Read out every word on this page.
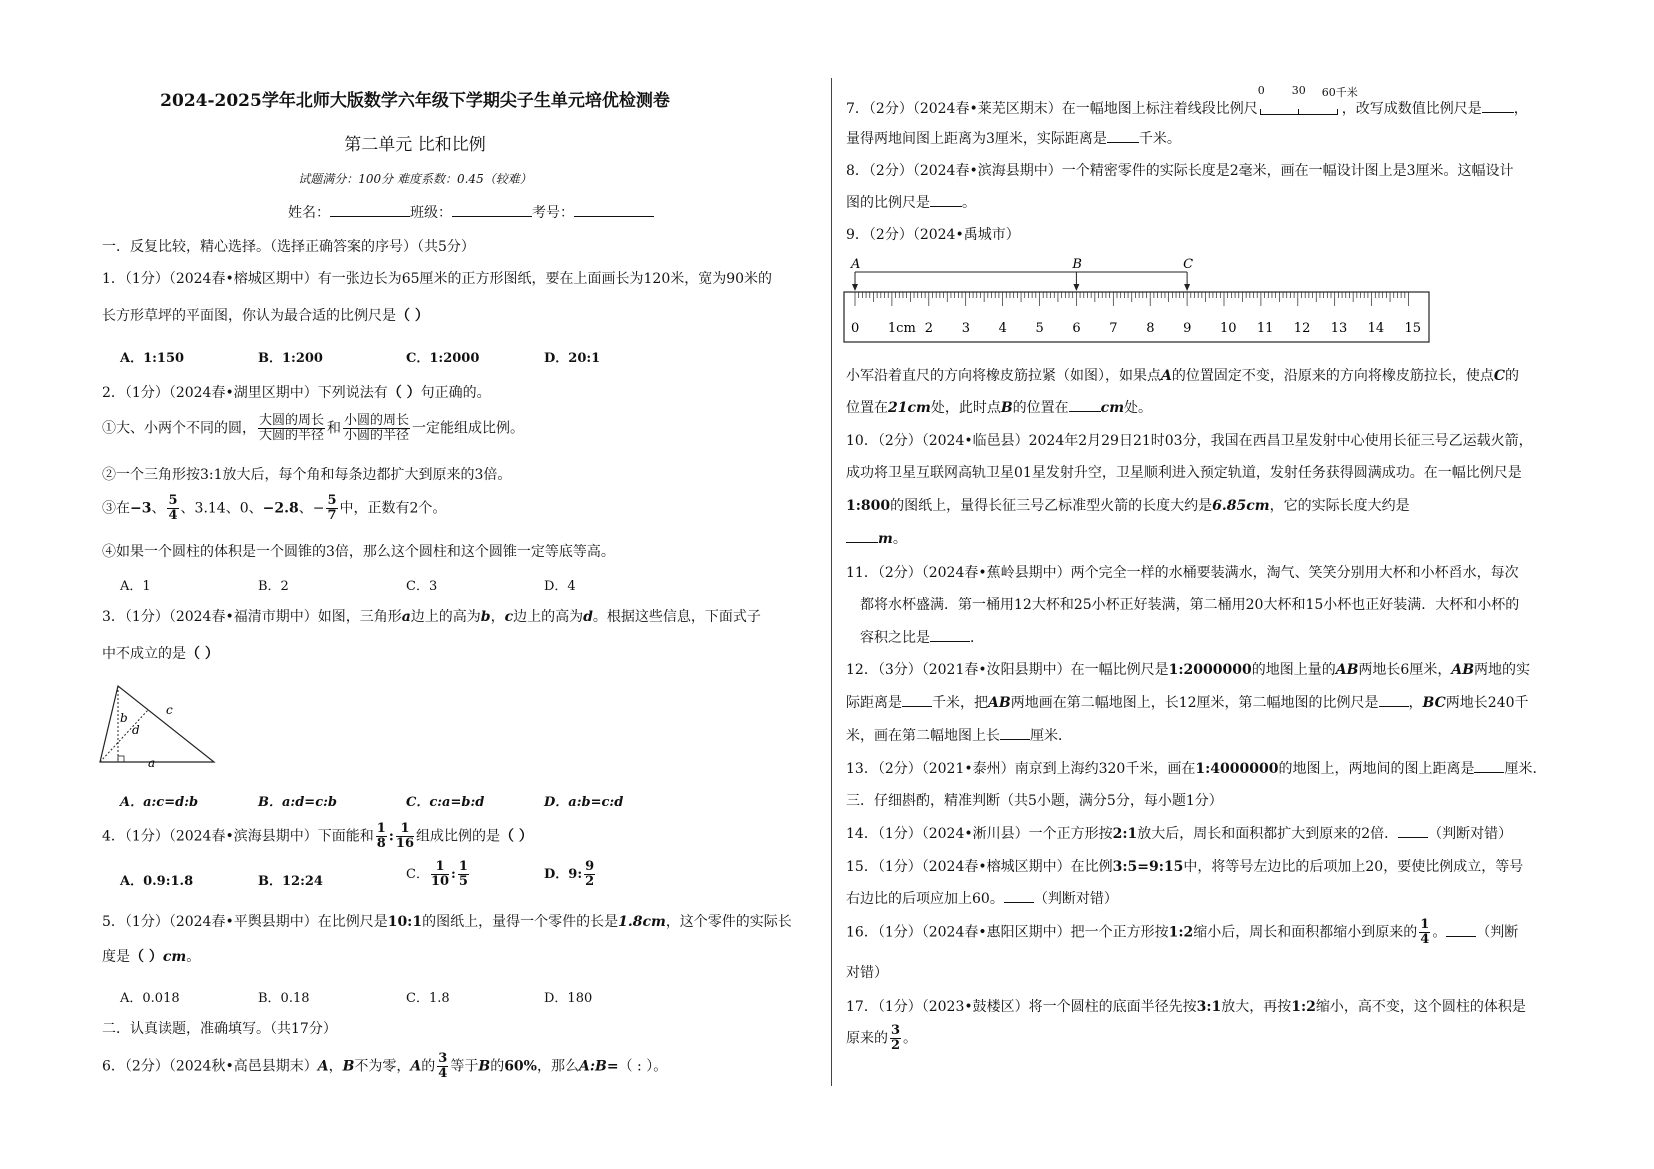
2024-2025学年北师大版数学六年级下学期尖子生单元培优检测卷
第二单元 比和比例
试题满分：100分 难度系数：0.45（较难）
姓名：	班级：	考号：
一．反复比较，精心选择。（选择正确答案的序号）（共5分）
1．（1分）（2024春•榕城区期中）有一张边长为65厘米的正方形图纸，要在上面画长为120米，宽为90米的
长方形草坪的平面图，你认为最合适的比例尺是（ ）
A．1:150	B．1:200	C．1:2000	D．20:1
2．（1分）（2024春•湖里区期中）下列说法有（ ）句正确的。
①大、小两个不同的圆， $\frac{\text{大圆的周长}}{\text{大圆的半径}}$ 和 $\frac{\text{小圆的周长}}{\text{小圆的半径}}$ 一定能组成比例。
②一个三角形按3:1放大后，每个角和每条边都扩大到原来的3倍。
③在−3、 $\frac{5}{4}$ 、3.14、0、−2.8、− $\frac{5}{7}$ 中，正数有2个。
④如果一个圆柱的体积是一个圆锥的3倍，那么这个圆柱和这个圆锥一定等底等高。
A．1	B．2	C．3	D．4
3．（1分）（2024春•福清市期中）如图，三角形a边上的高为b，c边上的高为d。根据这些信息，下面式子
中不成立的是（ ）
b
d
c
a
A．a:c=d:b	B．a:d=c:b	C．c:a=b:d	D．a:b=c:d
4．（1分）（2024春•滨海县期中）下面能和 $\frac{1}{8}$ : $\frac{1}{16}$ 组成比例的是（ ）
A．0.9:1.8	B．12:24	C． $\frac{1}{10}$ : $\frac{1}{5}$	D．9: $\frac{9}{2}$
5．（1分）（2024春•平舆县期中）在比例尺是10:1的图纸上，量得一个零件的长是1.8cm，这个零件的实际长
度是（ ）cm。
A．0.018	B．0.18	C．1.8	D．180
二．认真读题，准确填写。（共17分）
6．（2分）（2024秋•高邑县期末）A，B不为零，A的 $\frac{3}{4}$ 等于B的60%，那么A:B=（ : ）。
7．（2分）（2024春•莱芜区期末）在一幅地图上标注着线段比例尺
0 30 60千米
，改写成数值比例尺是 ，
量得两地间图上距离为3厘米，实际距离是 千米。
8．（2分）（2024春•滨海县期中）一个精密零件的实际长度是2毫米，画在一幅设计图上是3厘米。这幅设计
图的比例尺是 。
9．（2分）（2024•禹城市）
0 1cm 2 3 4 5 6 7 8 9 10 11 12 13 14 15
A	B	C
小军沿着直尺的方向将橡皮筋拉紧（如图），如果点A的位置固定不变，沿原来的方向将橡皮筋拉长，使点C的
位置在21cm处，此时点B的位置在 cm处。
10．（2分）（2024•临邑县）2024年2月29日21时03分，我国在西昌卫星发射中心使用长征三号乙运载火箭，
成功将卫星互联网高轨卫星01星发射升空，卫星顺利进入预定轨道，发射任务获得圆满成功。在一幅比例尺是
1:800的图纸上，量得长征三号乙标准型火箭的长度大约是6.85cm，它的实际长度大约是
m。
11．（2分）（2024春•蕉岭县期中）两个完全一样的水桶要装满水，淘气、笑笑分别用大杯和小杯舀水，每次
都将水杯盛满．第一桶用12大杯和25小杯正好装满，第二桶用20大杯和15小杯也正好装满．大杯和小杯的
容积之比是	．
12．（3分）（2021春•汝阳县期中）在一幅比例尺是1:2000000的地图上量的AB两地长6厘米，AB两地的实
际距离是 千米，把AB两地画在第二幅地图上，长12厘米，第二幅地图的比例尺是 ，BC两地长240千
米，画在第二幅地图上长 厘米．
13．（2分）（2021•泰州）南京到上海约320千米，画在1:4000000的地图上，两地间的图上距离是 厘米．
三．仔细斟酌，精准判断（共5小题，满分5分，每小题1分）
14．（1分）（2024•淅川县）一个正方形按2:1放大后，周长和面积都扩大到原来的2倍． （判断对错）
15．（1分）（2024春•榕城区期中）在比例3:5=9:15中，将等号左边比的后项加上20，要使比例成立，等号
右边比的后项应加上60。 （判断对错）
16．（1分）（2024春•惠阳区期中）把一个正方形按1:2缩小后，周长和面积都缩小到原来的 $\frac{1}{4}$ 。 （判断
对错）
17．（1分）（2023•鼓楼区）将一个圆柱的底面半径先按3:1放大，再按1:2缩小，高不变，这个圆柱的体积是
原来的 $\frac{3}{2}$ 。
